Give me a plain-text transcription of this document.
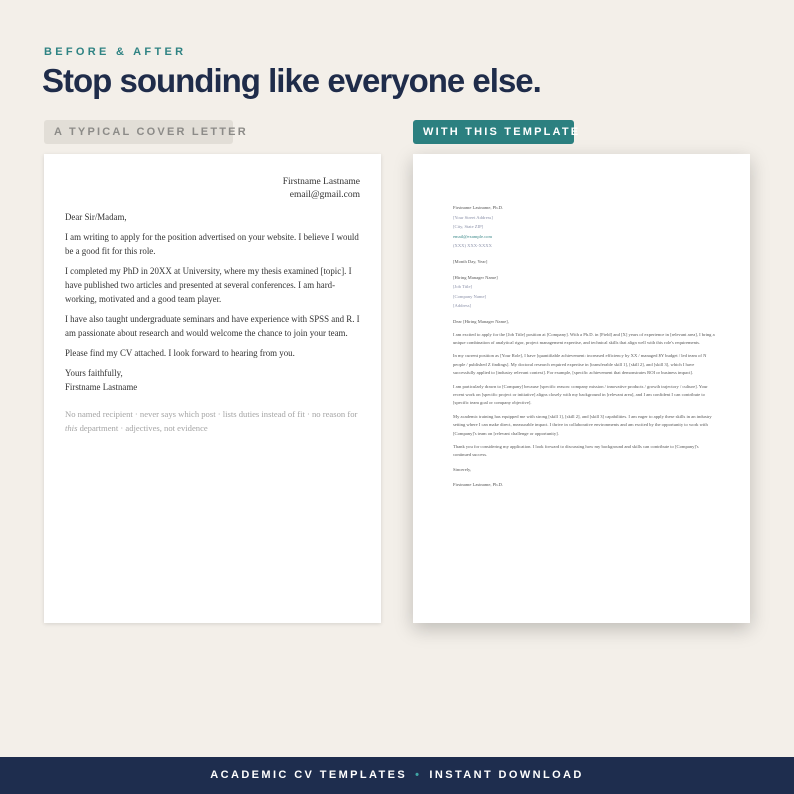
BEFORE & AFTER
Stop sounding like everyone else.
A TYPICAL COVER LETTER	WITH THIS TEMPLATE
Firstname Lastname
email@gmail.com

Dear Sir/Madam,

I am writing to apply for the position advertised on your website. I believe I would be a good fit for this role.

I completed my PhD in 20XX at University, where my thesis examined [topic]. I have published two articles and presented at several conferences. I am hard-working, motivated and a good team player.

I have also taught undergraduate seminars and have experience with SPSS and R. I am passionate about research and would welcome the chance to join your team.

Please find my CV attached. I look forward to hearing from you.

Yours faithfully,

Firstname Lastname

No named recipient · never says which post · lists duties instead of fit · no reason for this department · adjectives, not evidence
Firstname Lastname, Ph.D.
[Your Street Address]
[City, State ZIP]
email@example.com
(XXX) XXX-XXXX
[Month Day, Year]
[Hiring Manager Name]
[Job Title]
[Company Name]
[Address]
Dear [Hiring Manager Name],
I am excited to apply for the [Job Title] position at [Company]. With a Ph.D. in [Field] and [X] years of experience in [relevant area], I bring a unique combination of analytical rigor, project management expertise, and technical skills that align well with this role's requirements.
In my current position as [Your Role], I have [quantifiable achievement: increased efficiency by XX / managed $Y budget / led team of N people / published Z findings]. My doctoral research required expertise in [transferable skill 1], [skill 2], and [skill 3], which I have successfully applied to [industry relevant context]. For example, [specific achievement that demonstrates ROI or business impact].
I am particularly drawn to [Company] because [specific reason: company mission / innovative products / growth trajectory / culture]. Your recent work on [specific project or initiative] aligns closely with my background in [relevant area], and I am confident I can contribute to [specific team goal or company objective].
My academic training has equipped me with strong [skill 1], [skill 2], and [skill 3] capabilities. I am eager to apply these skills in an industry setting where I can make direct, measurable impact. I thrive in collaborative environments and am excited by the opportunity to work with [Company]'s team on [relevant challenge or opportunity].
Thank you for considering my application. I look forward to discussing how my background and skills can contribute to [Company]'s continued success.
Sincerely,
Firstname Lastname, Ph.D.
ACADEMIC CV TEMPLATES • INSTANT DOWNLOAD
